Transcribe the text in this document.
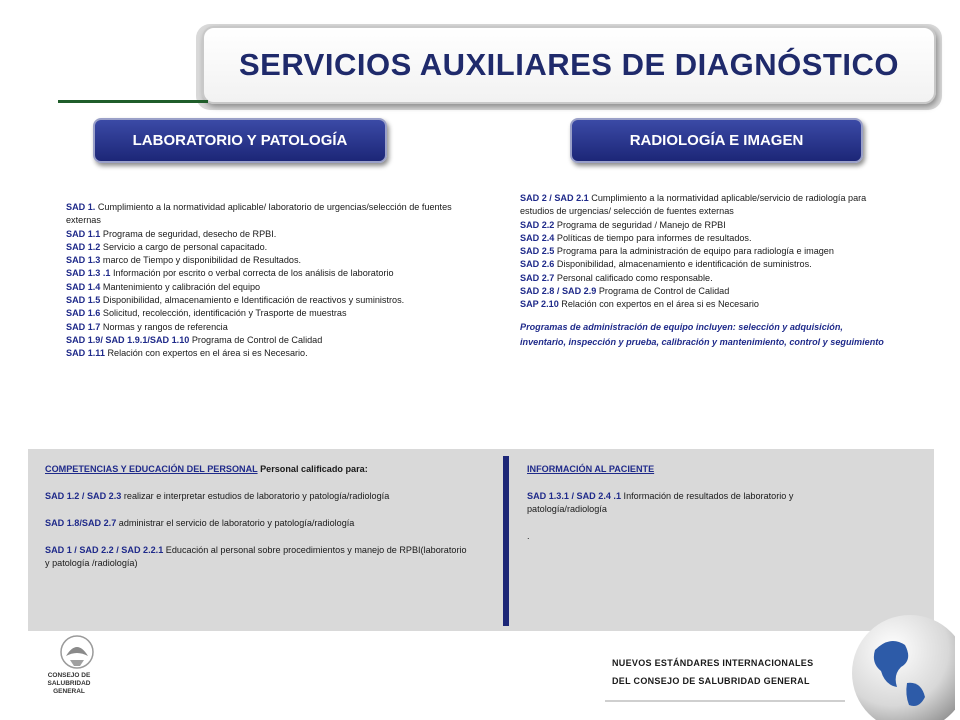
SERVICIOS AUXILIARES DE DIAGNÓSTICO
LABORATORIO Y PATOLOGÍA	RADIOLOGÍA E IMAGEN

SAD 1. Cumplimiento a la normatividad aplicable/ laboratorio de urgencias/selección de fuentes externas

SAD 1.1 Programa de seguridad, desecho de RPBI.

SAD 1.2 Servicio a cargo de personal capacitado.

SAD 1.3 marco de Tiempo y disponibilidad de Resultados.

SAD 1.3 .1 Información por escrito o verbal correcta de los análisis de laboratorio

SAD 1.4 Mantenimiento y calibración del equipo

SAD 1.5 Disponibilidad, almacenamiento e Identificación de reactivos y suministros.

SAD 1.6 Solicitud, recolección, identificación y Trasporte de muestras

SAD 1.7 Normas y rangos de referencia

SAD 1.9/ SAD 1.9.1/SAD 1.10 Programa de Control de Calidad

SAD 1.11 Relación con expertos en el área si es Necesario.

SAD 2 / SAD 2.1 Cumplimiento a la normatividad aplicable/servicio de radiología para estudios de urgencias/ selección de fuentes externas

SAD 2.2 Programa de seguridad / Manejo de RPBI

SAD 2.4 Políticas de tiempo para informes de resultados.

SAD 2.5 Programa para la administración de equipo para radiología e imagen

SAD 2.6 Disponibilidad, almacenamiento e identificación de suministros.

SAD 2.7 Personal calificado como responsable.

SAD 2.8 / SAD 2.9 Programa de Control de Calidad

SAP 2.10 Relación con expertos en el área si es Necesario

Programas de administración de equipo incluyen: selección y adquisición, inventario, inspección y prueba, calibración y mantenimiento, control y seguimiento

COMPETENCIAS Y EDUCACIÓN DEL PERSONAL Personal calificado para:

SAD 1.2 / SAD 2.3 realizar e interpretar estudios de laboratorio y patología/radiología

SAD 1.8/SAD 2.7 administrar el servicio de laboratorio y patología/radiología

SAD 1 / SAD 2.2 / SAD 2.2.1 Educación al personal sobre procedimientos y manejo de RPBI(laboratorio y patología /radiología)

INFORMACIÓN AL PACIENTE

SAD 1.3.1 / SAD 2.4 .1 Información de resultados de laboratorio y patología/radiología

.

CONSEJO DE SALUBRIDAD GENERAL
NUEVOS ESTÁNDARES INTERNACIONALES
DEL CONSEJO DE SALUBRIDAD GENERAL
